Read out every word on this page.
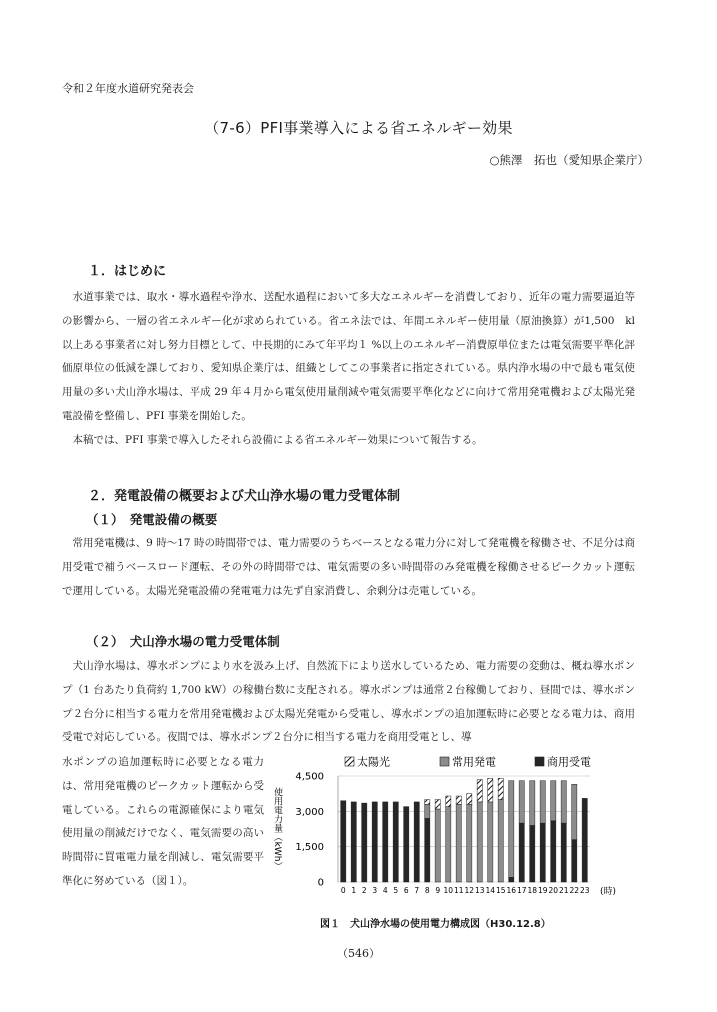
令和２年度水道研究発表会
（7-6）PFI事業導入による省エネルギー効果
○熊澤　拓也（愛知県企業庁）
１．はじめに

水道事業では、取水・導水過程や浄水、送配水過程において多大なエネルギーを消費しており、近年の電力需要逼迫等の影響から、一層の省エネルギー化が求められている。省エネ法では、年間エネルギー使用量（原油換算）が1,500　kl以上ある事業者に対し努力目標として、中長期的にみて年平均１ %以上のエネルギー消費原単位または電気需要平準化評価原単位の低減を課しており、愛知県企業庁は、組織としてこの事業者に指定されている。県内浄水場の中で最も電気使用量の多い犬山浄水場は、平成 29 年４月から電気使用量削減や電気需要平準化などに向けて常用発電機および太陽光発電設備を整備し、PFI 事業を開始した。

本稿では、PFI 事業で導入したそれら設備による省エネルギー効果について報告する。

２．発電設備の概要および犬山浄水場の電力受電体制
（１）　発電設備の概要

常用発電機は、9 時～17 時の時間帯では、電力需要のうちベースとなる電力分に対して発電機を稼働させ、不足分は商用受電で補うベースロード運転、その外の時間帯では、電気需要の多い時間帯のみ発電機を稼働させるピークカット運転で運用している。太陽光発電設備の発電電力は先ず自家消費し、余剰分は売電している。

（２）　犬山浄水場の電力受電体制

犬山浄水場は、導水ポンプにより水を汲み上げ、自然流下により送水しているため、電力需要の変動は、概ね導水ポンプ（1 台あたり負荷約 1,700 kW）の稼働台数に支配される。導水ポンプは通常２台稼働しており、昼間では、導水ポンプ２台分に相当する電力を常用発電機および太陽光発電から受電し、導水ポンプの追加運転時に必要となる電力は、商用受電で対応している。夜間では、導水ポンプ２台分に相当する電力を商用受電とし、導

水ポンプの追加運転時に必要となる電力は、常用発電機のピークカット運転から受電している。これらの電源確保により電気使用量の削減だけでなく、電気需要の高い時間帯に買電電力量を削減し、電気需要平準化に努めている（図１）。

使用電力量（kWh）
0
1,500
3,000
4,500
0 1 2 3 4 5 6 7 8 9 10 11 12 13 14 15 16 17 18 19 20 21 22 23 (時)
太陽光	常用発電	商用受電
図１　犬山浄水場の使用電力構成図（H30.12.8）
（546）
